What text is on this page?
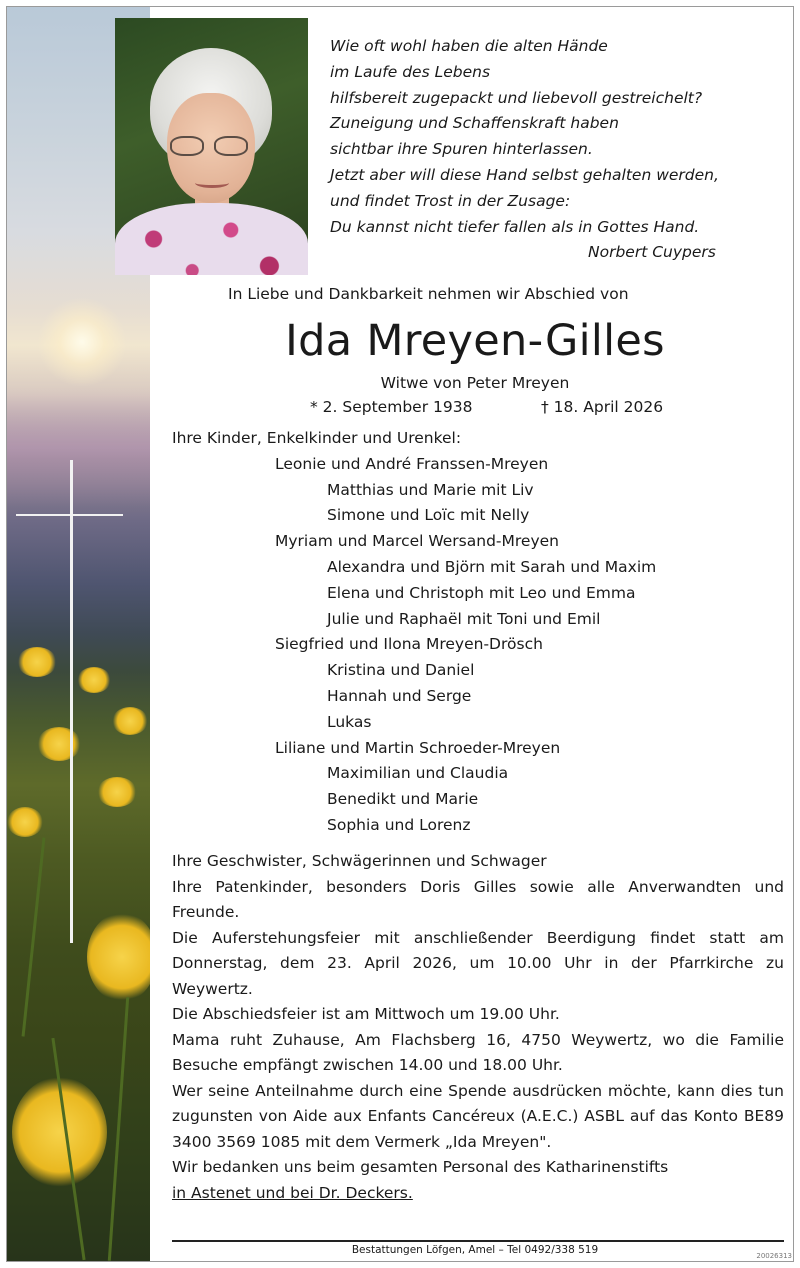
Wie oft wohl haben die alten Hände
im Laufe des Lebens
hilfsbereit zugepackt und liebevoll gestreichelt?
Zuneigung und Schaffenskraft haben
sichtbar ihre Spuren hinterlassen.
Jetzt aber will diese Hand selbst gehalten werden,
und findet Trost in der Zusage:
Du kannst nicht tiefer fallen als in Gottes Hand.
Norbert Cuypers
In Liebe und Dankbarkeit nehmen wir Abschied von
Ida Mreyen-Gilles
Witwe von Peter Mreyen
* 2. September 1938	† 18. April 2026
Ihre Kinder, Enkelkinder und Urenkel:
Leonie und André Franssen-Mreyen
Matthias und Marie mit Liv
Simone und Loïc mit Nelly
Myriam und Marcel Wersand-Mreyen
Alexandra und Björn mit Sarah und Maxim
Elena und Christoph mit Leo und Emma
Julie und Raphaël mit Toni und Emil
Siegfried und Ilona Mreyen-Drösch
Kristina und Daniel
Hannah und Serge
Lukas
Liliane und Martin Schroeder-Mreyen
Maximilian und Claudia
Benedikt und Marie
Sophia und Lorenz

Ihre Geschwister, Schwägerinnen und Schwager

Ihre Patenkinder, besonders Doris Gilles sowie alle Anverwandten und Freunde.

Die Auferstehungsfeier mit anschließender Beerdigung findet statt am Donnerstag, dem 23. April 2026, um 10.00 Uhr in der Pfarrkirche zu Weywertz.

Die Abschiedsfeier ist am Mittwoch um 19.00 Uhr.

Mama ruht Zuhause, Am Flachsberg 16, 4750 Weywertz, wo die Familie Besuche empfängt zwischen 14.00 und 18.00 Uhr.

Wer seine Anteilnahme durch eine Spende ausdrücken möchte, kann dies tun zugunsten von Aide aux Enfants Cancéreux (A.E.C.) ASBL auf das Konto BE89 3400 3569 1085 mit dem Vermerk „Ida Mreyen".

Wir bedanken uns beim gesamten Personal des Katharinenstifts

in Astenet und bei Dr. Deckers.

Bestattungen Löfgen, Amel – Tel 0492/338 519	20026313
